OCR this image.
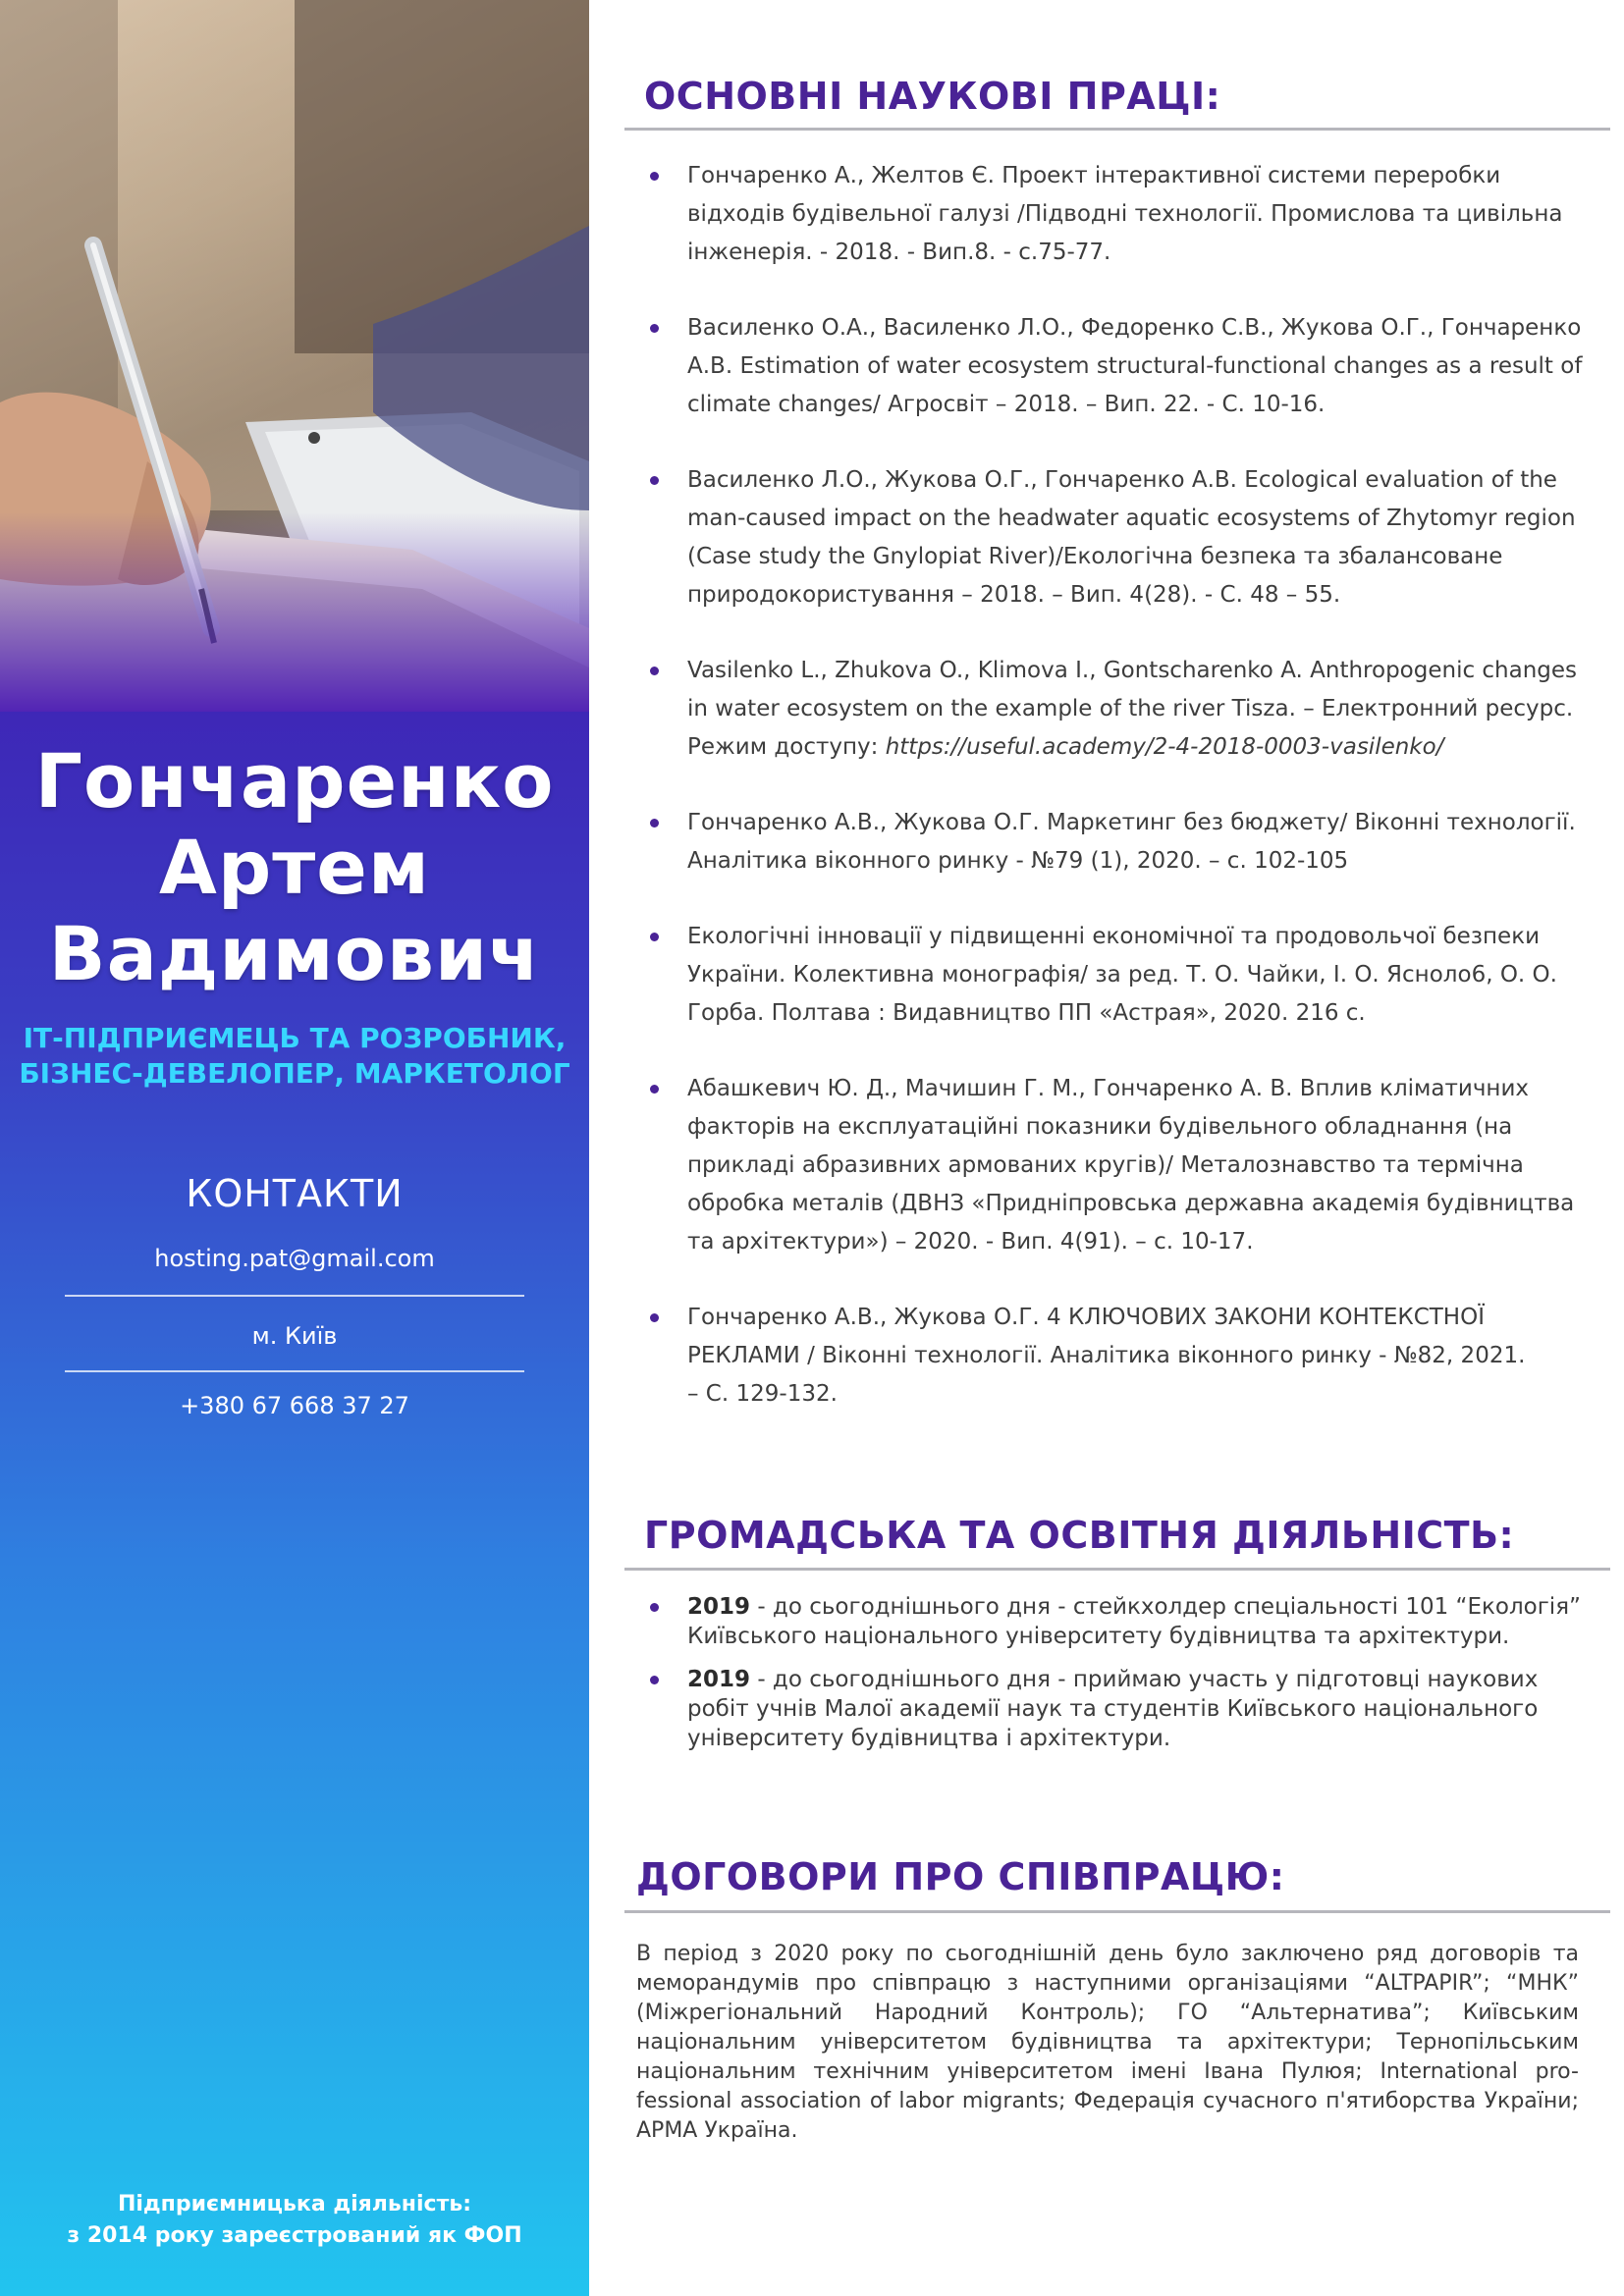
Гончаренко
Артем
Вадимович
ІТ-ПІДПРИЄМЕЦЬ ТА РОЗРОБНИК,
БІЗНЕС-ДЕВЕЛОПЕР, МАРКЕТОЛОГ
КОНТАКТИ
hosting.pat@gmail.com
м. Київ
+380 67 668 37 27
Підприємницька діяльність:
з 2014 року зареєстрований як ФОП
ОСНОВНІ НАУКОВІ ПРАЦІ:
Гончаренко А., Желтов Є. Проект інтерактивної системи переробки
відходів будівельної галузі /Підводні технології. Промислова та цивільна
інженерія. - 2018. - Вип.8. - с.75-77.
Василенко О.А., Василенко Л.О., Федоренко С.В., Жукова О.Г., Гончаренко
А.В. Estimation of water ecosystem structural-functional changes as a result of
climate changes/ Агросвіт – 2018. – Вип. 22. - С. 10-16.
Василенко Л.О., Жукова О.Г., Гончаренко А.В. Ecological evaluation of the
man-caused impact on the headwater aquatic ecosystems of Zhytomyr region
(Case study the Gnylopiat River)/Екологічна безпека та збалансоване
природокористування – 2018. – Вип. 4(28). - С. 48 – 55.
Vasilenko L., Zhukova O., Klimova I., Gontscharenko A. Anthropogenic changes
in water ecosystem on the example of the river Tisza. – Електронний ресурс.
Режим доступу: https://useful.academy/2-4-2018-0003-vasilenko/
Гончаренко А.В., Жукова О.Г. Маркетинг без бюджету/ Віконні технології.
Аналітика віконного ринку - №79 (1), 2020. – с. 102-105
Екологічні інновації у підвищенні економічної та продовольчої безпеки
України. Колективна монографія/ за ред. Т. О. Чайки, І. О. Ясноло6, О. О.
Горба. Полтава : Видавництво ПП «Астрая», 2020. 216 с.
Абашкевич Ю. Д., Мачишин Г. М., Гончаренко А. В. Вплив кліматичних
факторів на експлуатаційні показники будівельного обладнання (на
прикладі абразивних армованих кругів)/ Металознавство та термічна
обробка металів (ДВНЗ «Придніпровська державна академія будівництва
та архітектури») – 2020. - Вип. 4(91). – с. 10-17.
Гончаренко А.В., Жукова О.Г. 4 КЛЮЧОВИХ ЗАКОНИ КОНТЕКСТНОЇ
РЕКЛАМИ / Віконні технології. Аналітика віконного ринку - №82, 2021.
– С. 129-132.
ГРОМАДСЬКА ТА ОСВІТНЯ ДІЯЛЬНІСТЬ:
2019 - до сьогоднішнього дня - стейкхолдер спеціальності 101 “Екологія”
Київського національного університету будівництва та архітектури.
2019 - до сьогоднішнього дня - приймаю участь у підготовці наукових
робіт учнів Малої академії наук та студентів Київського національного
університету будівництва і архітектури.
ДОГОВОРИ ПРО СПІВПРАЦЮ:

В період з 2020 року по сьогоднішній день було заключено ряд договорів та меморандумів про співпрацю з наступними організаціями “ALTPAPIR”; “МНК” (Міжрегіональний Народний Контроль); ГО “Альтернатива”; Київським національним університетом будівництва та архітектури; Тернопільським національним технічним університетом імені Івана Пулюя; International pro- fessional association of labor migrants; Федерація сучасного п'ятиборства України; АРМА Україна.
